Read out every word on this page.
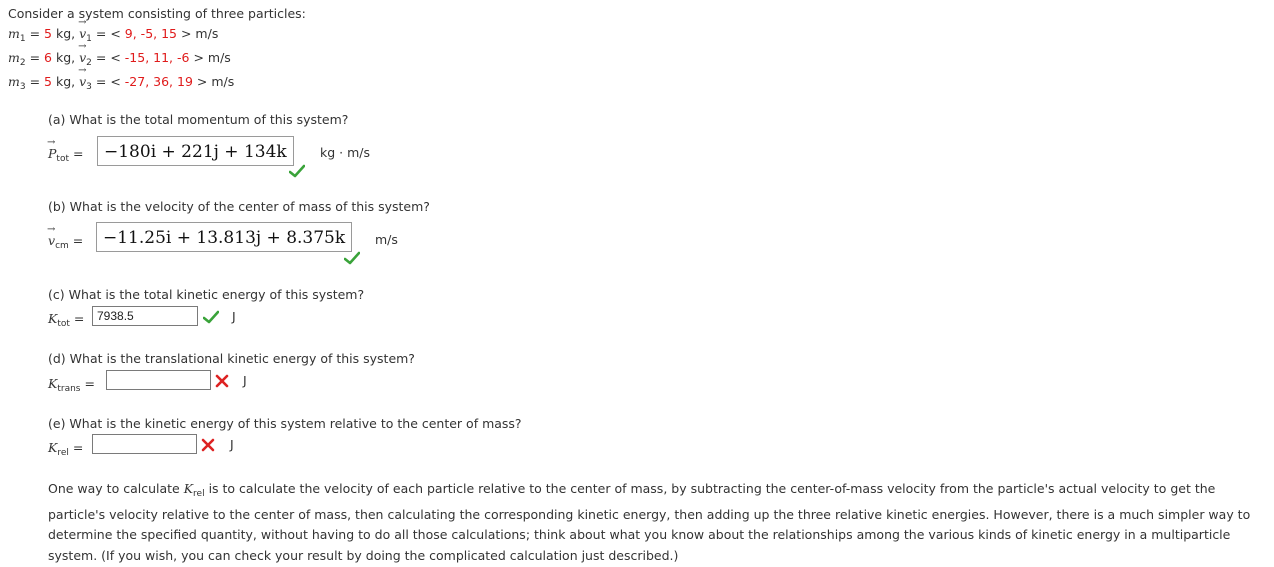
Consider a system consisting of three particles:
$m_1 = 5$ kg, → $v_1$ = < 9, -5, 15 > m/s
$m_2 = 6$ kg, → $v_2$ = < -15, 11, -6 > m/s
$m_3 = 5$ kg, → $v_3$ = < -27, 36, 19 > m/s
(a) What is the total momentum of this system?
→ $P_{tot}$ =	−180i + 221j + 134k	kg · m/s
(b) What is the velocity of the center of mass of this system?
→ $v_{cm}$ =	−11.25i + 13.813j + 8.375k	m/s
(c) What is the total kinetic energy of this system?
$K_{tot}$ =	7938.5	J
(d) What is the translational kinetic energy of this system?
$K_{trans}$ =	J
(e) What is the kinetic energy of this system relative to the center of mass?
$K_{rel}$ =	J
One way to calculate $K_{rel}$ is to calculate the velocity of each particle relative to the center of mass, by subtracting the center-of-mass velocity from the particle's actual velocity to get the particle's velocity relative to the center of mass, then calculating the corresponding kinetic energy, then adding up the three relative kinetic energies. However, there is a much simpler way to determine the specified quantity, without having to do all those calculations; think about what you know about the relationships among the various kinds of kinetic energy in a multiparticle system. (If you wish, you can check your result by doing the complicated calculation just described.)
